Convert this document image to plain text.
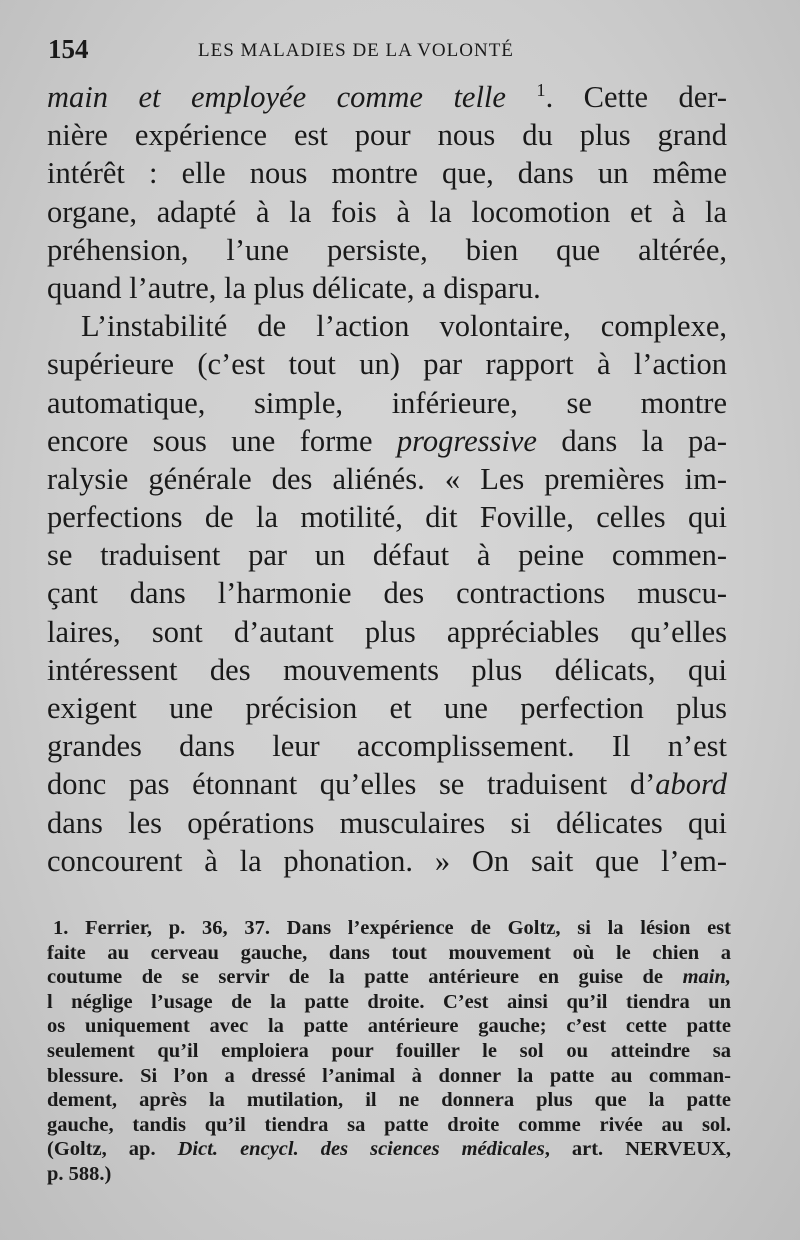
154	LES MALADIES DE LA VOLONTÉ
main et employée comme telle $^1$. Cette der-
nière expérience est pour nous du plus grand
intérêt : elle nous montre que, dans un même
organe, adapté à la fois à la locomotion et à la
préhension, l’une persiste, bien que altérée,
quand l’autre, la plus délicate, a disparu.
L’instabilité de l’action volontaire, complexe,
supérieure (c’est tout un) par rapport à l’action
automatique, simple, inférieure, se montre
encore sous une forme progressive dans la pa-
ralysie générale des aliénés. « Les premières im-
perfections de la motilité, dit Foville, celles qui
se traduisent par un défaut à peine commen-
çant dans l’harmonie des contractions muscu-
laires, sont d’autant plus appréciables qu’elles
intéressent des mouvements plus délicats, qui
exigent une précision et une perfection plus
grandes dans leur accomplissement. Il n’est
donc pas étonnant qu’elles se traduisent d’abord
dans les opérations musculaires si délicates qui
concourent à la phonation. » On sait que l’em-
1. Ferrier, p. 36, 37. Dans l’expérience de Goltz, si la lésion est
faite au cerveau gauche, dans tout mouvement où le chien a
coutume de se servir de la patte antérieure en guise de main,
l néglige l’usage de la patte droite. C’est ainsi qu’il tiendra un
os uniquement avec la patte antérieure gauche; c’est cette patte
seulement qu’il emploiera pour fouiller le sol ou atteindre sa
blessure. Si l’on a dressé l’animal à donner la patte au comman-
dement, après la mutilation, il ne donnera plus que la patte
gauche, tandis qu’il tiendra sa patte droite comme rivée au sol.
(Goltz, ap. Dict. encycl. des sciences médicales, art. NERVEUX,
p. 588.)
